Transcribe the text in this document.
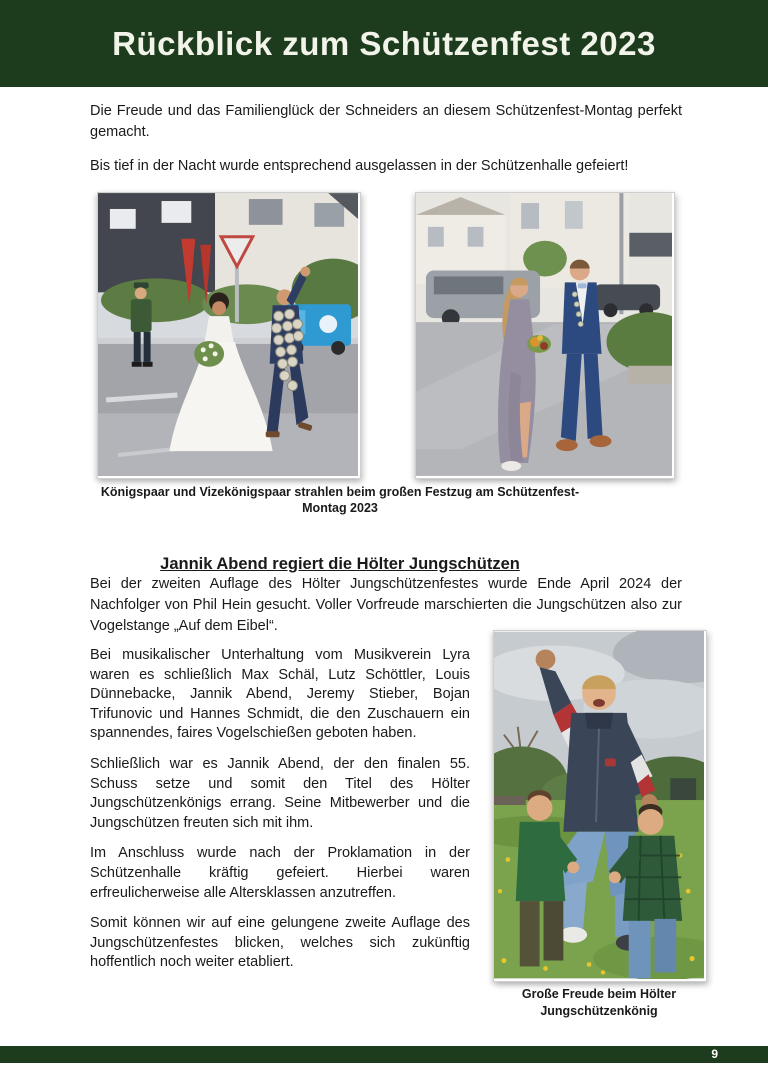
Rückblick zum Schützenfest 2023

Die Freude und das Familienglück der Schneiders an diesem Schützenfest-Montag perfekt gemacht.

Bis tief in der Nacht wurde entsprechend ausgelassen in der Schützenhalle gefeiert!

Königspaar und Vizekönigspaar strahlen beim großen Festzug am Schützenfest-Montag 2023
Jannik Abend regiert die Hölter Jungschützen

Bei der zweiten Auflage des Hölter Jungschützenfestes wurde Ende April 2024 der Nachfolger von Phil Hein gesucht. Voller Vorfreude marschierten die Jungschützen also zur Vogelstange „Auf dem Eibel“.

Bei musikalischer Unterhaltung vom Musikverein Lyra waren es schließlich Max Schäl, Lutz Schöttler, Louis Dünnebacke, Jannik Abend, Jeremy Stieber, Bojan Trifunovic und Hannes Schmidt, die den Zuschauern ein spannendes, faires Vogelschießen geboten haben.

Schließlich war es Jannik Abend, der den finalen 55. Schuss setze und somit den Titel des Hölter Jungschützenkönigs errang. Seine Mitbewerber und die Jungschützen freuten sich mit ihm.

Im Anschluss wurde nach der Proklamation in der Schützenhalle kräftig gefeiert. Hierbei waren erfreulicherweise alle Altersklassen anzutreffen.

Somit können wir auf eine gelungene zweite Auflage des Jungschützenfestes blicken, welches sich zukünftig hoffentlich noch weiter etabliert.

Große Freude beim Hölter
Jungschützenkönig
9
